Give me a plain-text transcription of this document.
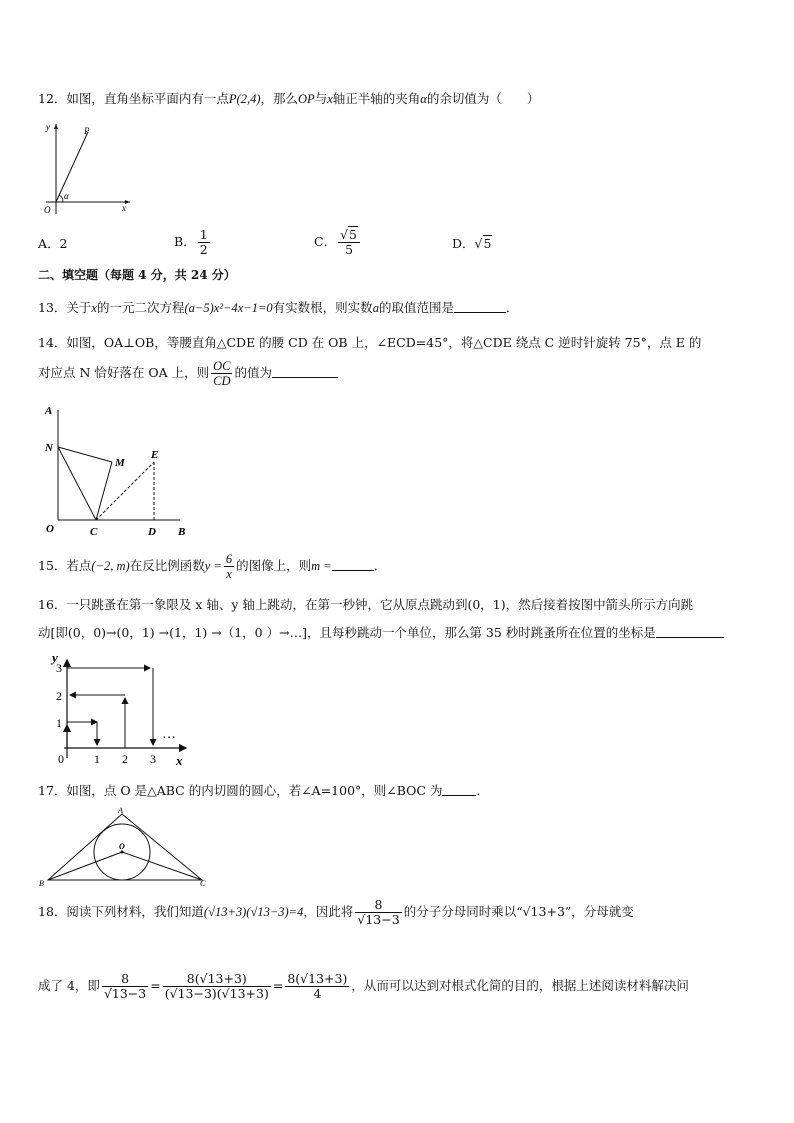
12．如图，直角坐标平面内有一点P(2,4)，那么OP与x轴正半轴的夹角α的余切值为（　　）
y	P
α
O	x
A．2	B． $\frac{1}{2}$	C． $\frac{√5}{5}$	D．√5
二、填空题（每题 4 分，共 24 分）
13．关于x的一元二次方程(a−5)x²−4x−1=0有实数根，则实数a的取值范围是	．
14．如图，OA⊥OB，等腰直角△CDE 的腰 CD 在 OB 上，∠ECD=45°，将△CDE 绕点 C 逆时针旋转 75°，点 E 的
对应点 N 恰好落在 OA 上，则 $\frac{OC}{CD}$ 的值为
A
N
M
E
O	C	D B
15．若点(−2, m)在反比例函数$y = \frac{6}{x}$ 的图像上，则m =	．
16．一只跳蚤在第一象限及 x 轴、y 轴上跳动，在第一秒钟，它从原点跳动到(0，1)，然后接着按图中箭头所示方向跳
动[即(0，0)→(0，1) →(1，1) →（1，0 ）→…]，且每秒跳动一个单位，那么第 35 秒时跳蚤所在位置的坐标是
y
3
2
1
0	1 2 3 x
…
17．如图，点 O 是△ABC 的内切圆的圆心，若∠A=100°，则∠BOC 为	．
A
O
B	C
18．阅读下列材料，我们知道(√13+3)(√13−3)=4，因此将 $\frac{8}{√13-3}$ 的分子分母同时乘以“√13+3”，分母就变
成了 4，即 $\frac{8}{√13-3} = \frac{8(√13+3)}{(√13-3)(√13+3)} = \frac{8(√13+3)}{4}$ ，从而可以达到对根式化简的目的，根据上述阅读材料解决问
